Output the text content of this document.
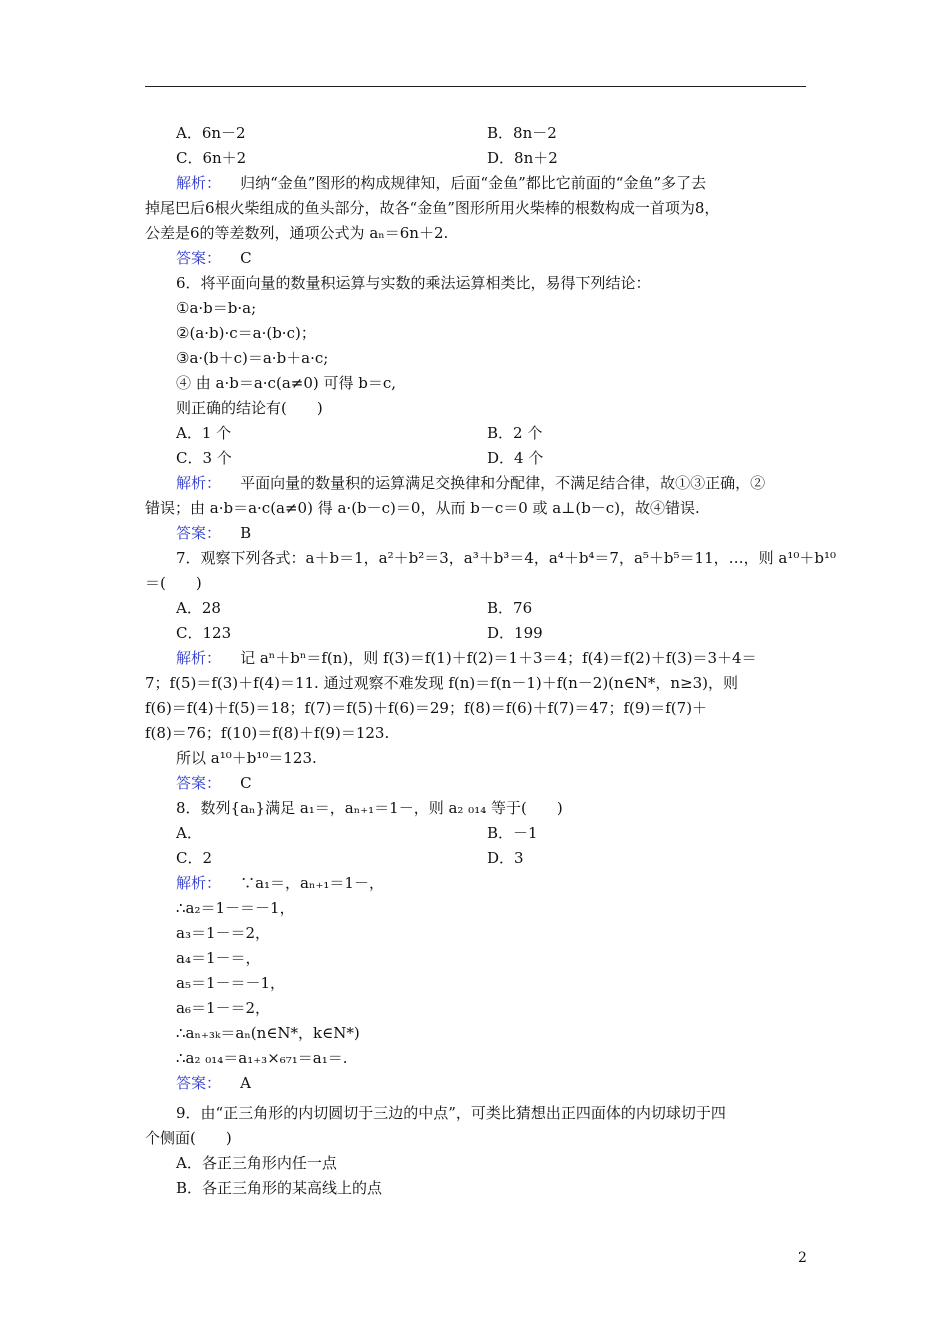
A．6n－2	B．8n－2
C．6n＋2	D．8n＋2
解析： 归纳“金鱼”图形的构成规律知，后面“金鱼”都比它前面的“金鱼”多了去
掉尾巴后6根火柴组成的鱼头部分，故各“金鱼”图形所用火柴棒的根数构成一首项为8，
公差是6的等差数列，通项公式为 aₙ＝6n＋2.
答案： C
6．将平面向量的数量积运算与实数的乘法运算相类比，易得下列结论：
①a·b＝b·a;
②(a·b)·c＝a·(b·c)；
③a·(b＋c)＝a·b＋a·c;
④ 由 a·b＝a·c(a≠0) 可得 b＝c,
则正确的结论有(　　)
A．1 个	B．2 个
C．3 个	D．4 个
解析： 平面向量的数量积的运算满足交换律和分配律，不满足结合律，故①③正确，②
错误；由 a·b＝a·c(a≠0) 得 a·(b－c)＝0，从而 b－c＝0 或 a⊥(b－c)，故④错误.
答案： B
7．观察下列各式：a＋b＝1，a²＋b²＝3，a³＋b³＝4，a⁴＋b⁴＝7，a⁵＋b⁵＝11，…，则 a¹⁰＋b¹⁰
＝(　　)
A．28	B．76
C．123	D．199
解析： 记 aⁿ＋bⁿ＝f(n)，则 f(3)＝f(1)＋f(2)＝1＋3＝4；f(4)＝f(2)＋f(3)＝3＋4＝
7；f(5)＝f(3)＋f(4)＝11. 通过观察不难发现 f(n)＝f(n－1)＋f(n－2)(n∈N*，n≥3)，则
f(6)＝f(4)＋f(5)＝18；f(7)＝f(5)＋f(6)＝29；f(8)＝f(6)＋f(7)＝47；f(9)＝f(7)＋
f(8)＝76；f(10)＝f(8)＋f(9)＝123.
所以 a¹⁰＋b¹⁰＝123.
答案： C
8．数列{aₙ}满足 a₁＝，aₙ₊₁＝1－，则 a₂ ₀₁₄ 等于(　　)
A．	B．－1
C．2	D．3
解析： ∵a₁＝，aₙ₊₁＝1－，
∴a₂＝1－＝－1，
a₃＝1－＝2，
a₄＝1－＝，
a₅＝1－＝－1，
a₆＝1－＝2，
∴aₙ₊₃ₖ＝aₙ(n∈N*，k∈N*)
∴a₂ ₀₁₄＝a₁₊₃×₆₇₁＝a₁＝.
答案： A
9．由“正三角形的内切圆切于三边的中点”，可类比猜想出正四面体的内切球切于四
个侧面(　　)
A．各正三角形内任一点
B．各正三角形的某高线上的点
2
